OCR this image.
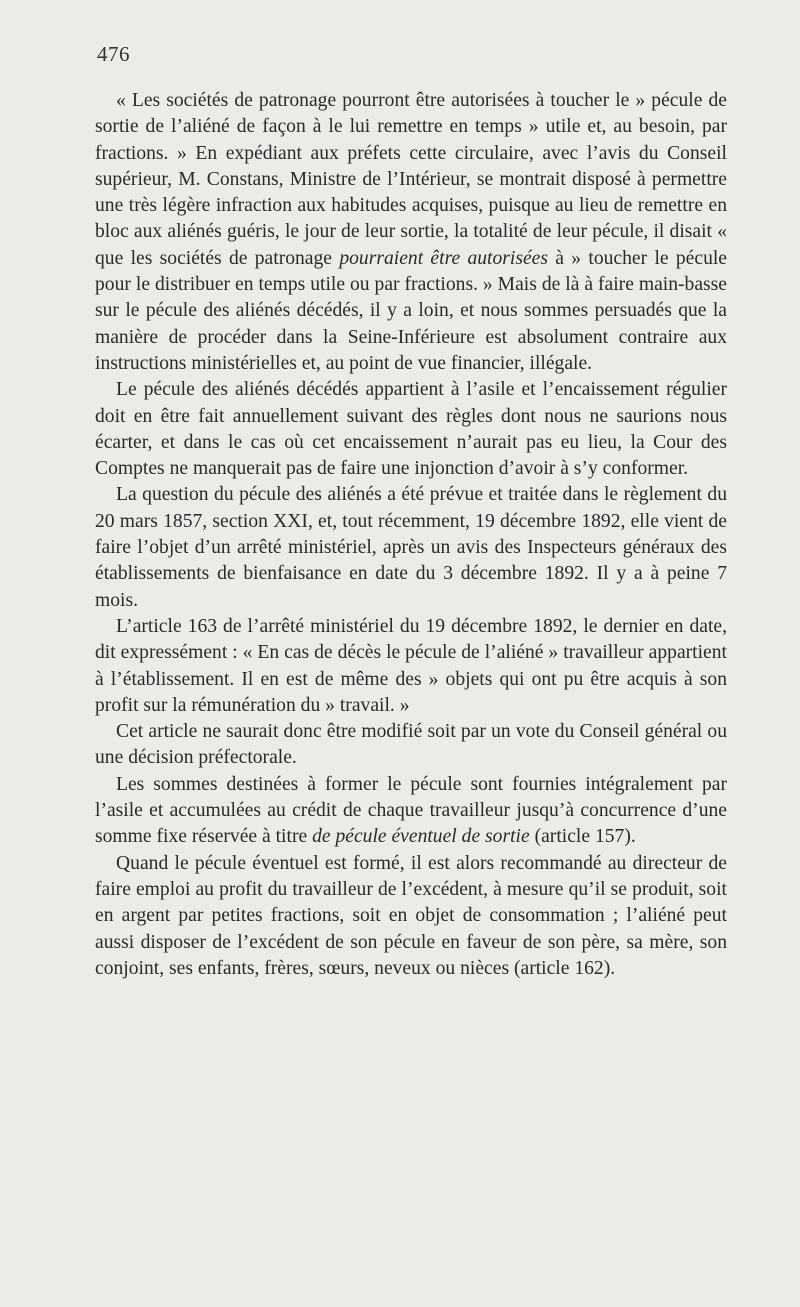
476

« Les sociétés de patronage pourront être autorisées à toucher le » pécule de sortie de l’aliéné de façon à le lui remettre en temps » utile et, au besoin, par fractions. » En expédiant aux préfets cette circulaire, avec l’avis du Conseil supérieur, M. Constans, Ministre de l’Intérieur, se montrait disposé à permettre une très légère infraction aux habitudes acquises, puisque au lieu de remettre en bloc aux aliénés guéris, le jour de leur sortie, la totalité de leur pécule, il disait « que les sociétés de patronage pourraient être autorisées à » toucher le pécule pour le distribuer en temps utile ou par fractions. » Mais de là à faire main-basse sur le pécule des aliénés décédés, il y a loin, et nous sommes persuadés que la manière de procéder dans la Seine-Inférieure est absolument contraire aux instructions ministérielles et, au point de vue financier, illégale.

Le pécule des aliénés décédés appartient à l’asile et l’encaissement régulier doit en être fait annuellement suivant des règles dont nous ne saurions nous écarter, et dans le cas où cet encaissement n’aurait pas eu lieu, la Cour des Comptes ne manquerait pas de faire une injonction d’avoir à s’y conformer.

La question du pécule des aliénés a été prévue et traitée dans le règlement du 20 mars 1857, section XXI, et, tout récemment, 19 décembre 1892, elle vient de faire l’objet d’un arrêté ministériel, après un avis des Inspecteurs généraux des établissements de bienfaisance en date du 3 décembre 1892. Il y a à peine 7 mois.

L’article 163 de l’arrêté ministériel du 19 décembre 1892, le dernier en date, dit expressément : « En cas de décès le pécule de l’aliéné » travailleur appartient à l’établissement. Il en est de même des » objets qui ont pu être acquis à son profit sur la rémunération du » travail. »

Cet article ne saurait donc être modifié soit par un vote du Conseil général ou une décision préfectorale.

Les sommes destinées à former le pécule sont fournies intégralement par l’asile et accumulées au crédit de chaque travailleur jusqu’à concurrence d’une somme fixe réservée à titre de pécule éventuel de sortie (article 157).

Quand le pécule éventuel est formé, il est alors recommandé au directeur de faire emploi au profit du travailleur de l’excédent, à mesure qu’il se produit, soit en argent par petites fractions, soit en objet de consommation ; l’aliéné peut aussi disposer de l’excédent de son pécule en faveur de son père, sa mère, son conjoint, ses enfants, frères, sœurs, neveux ou nièces (article 162).
